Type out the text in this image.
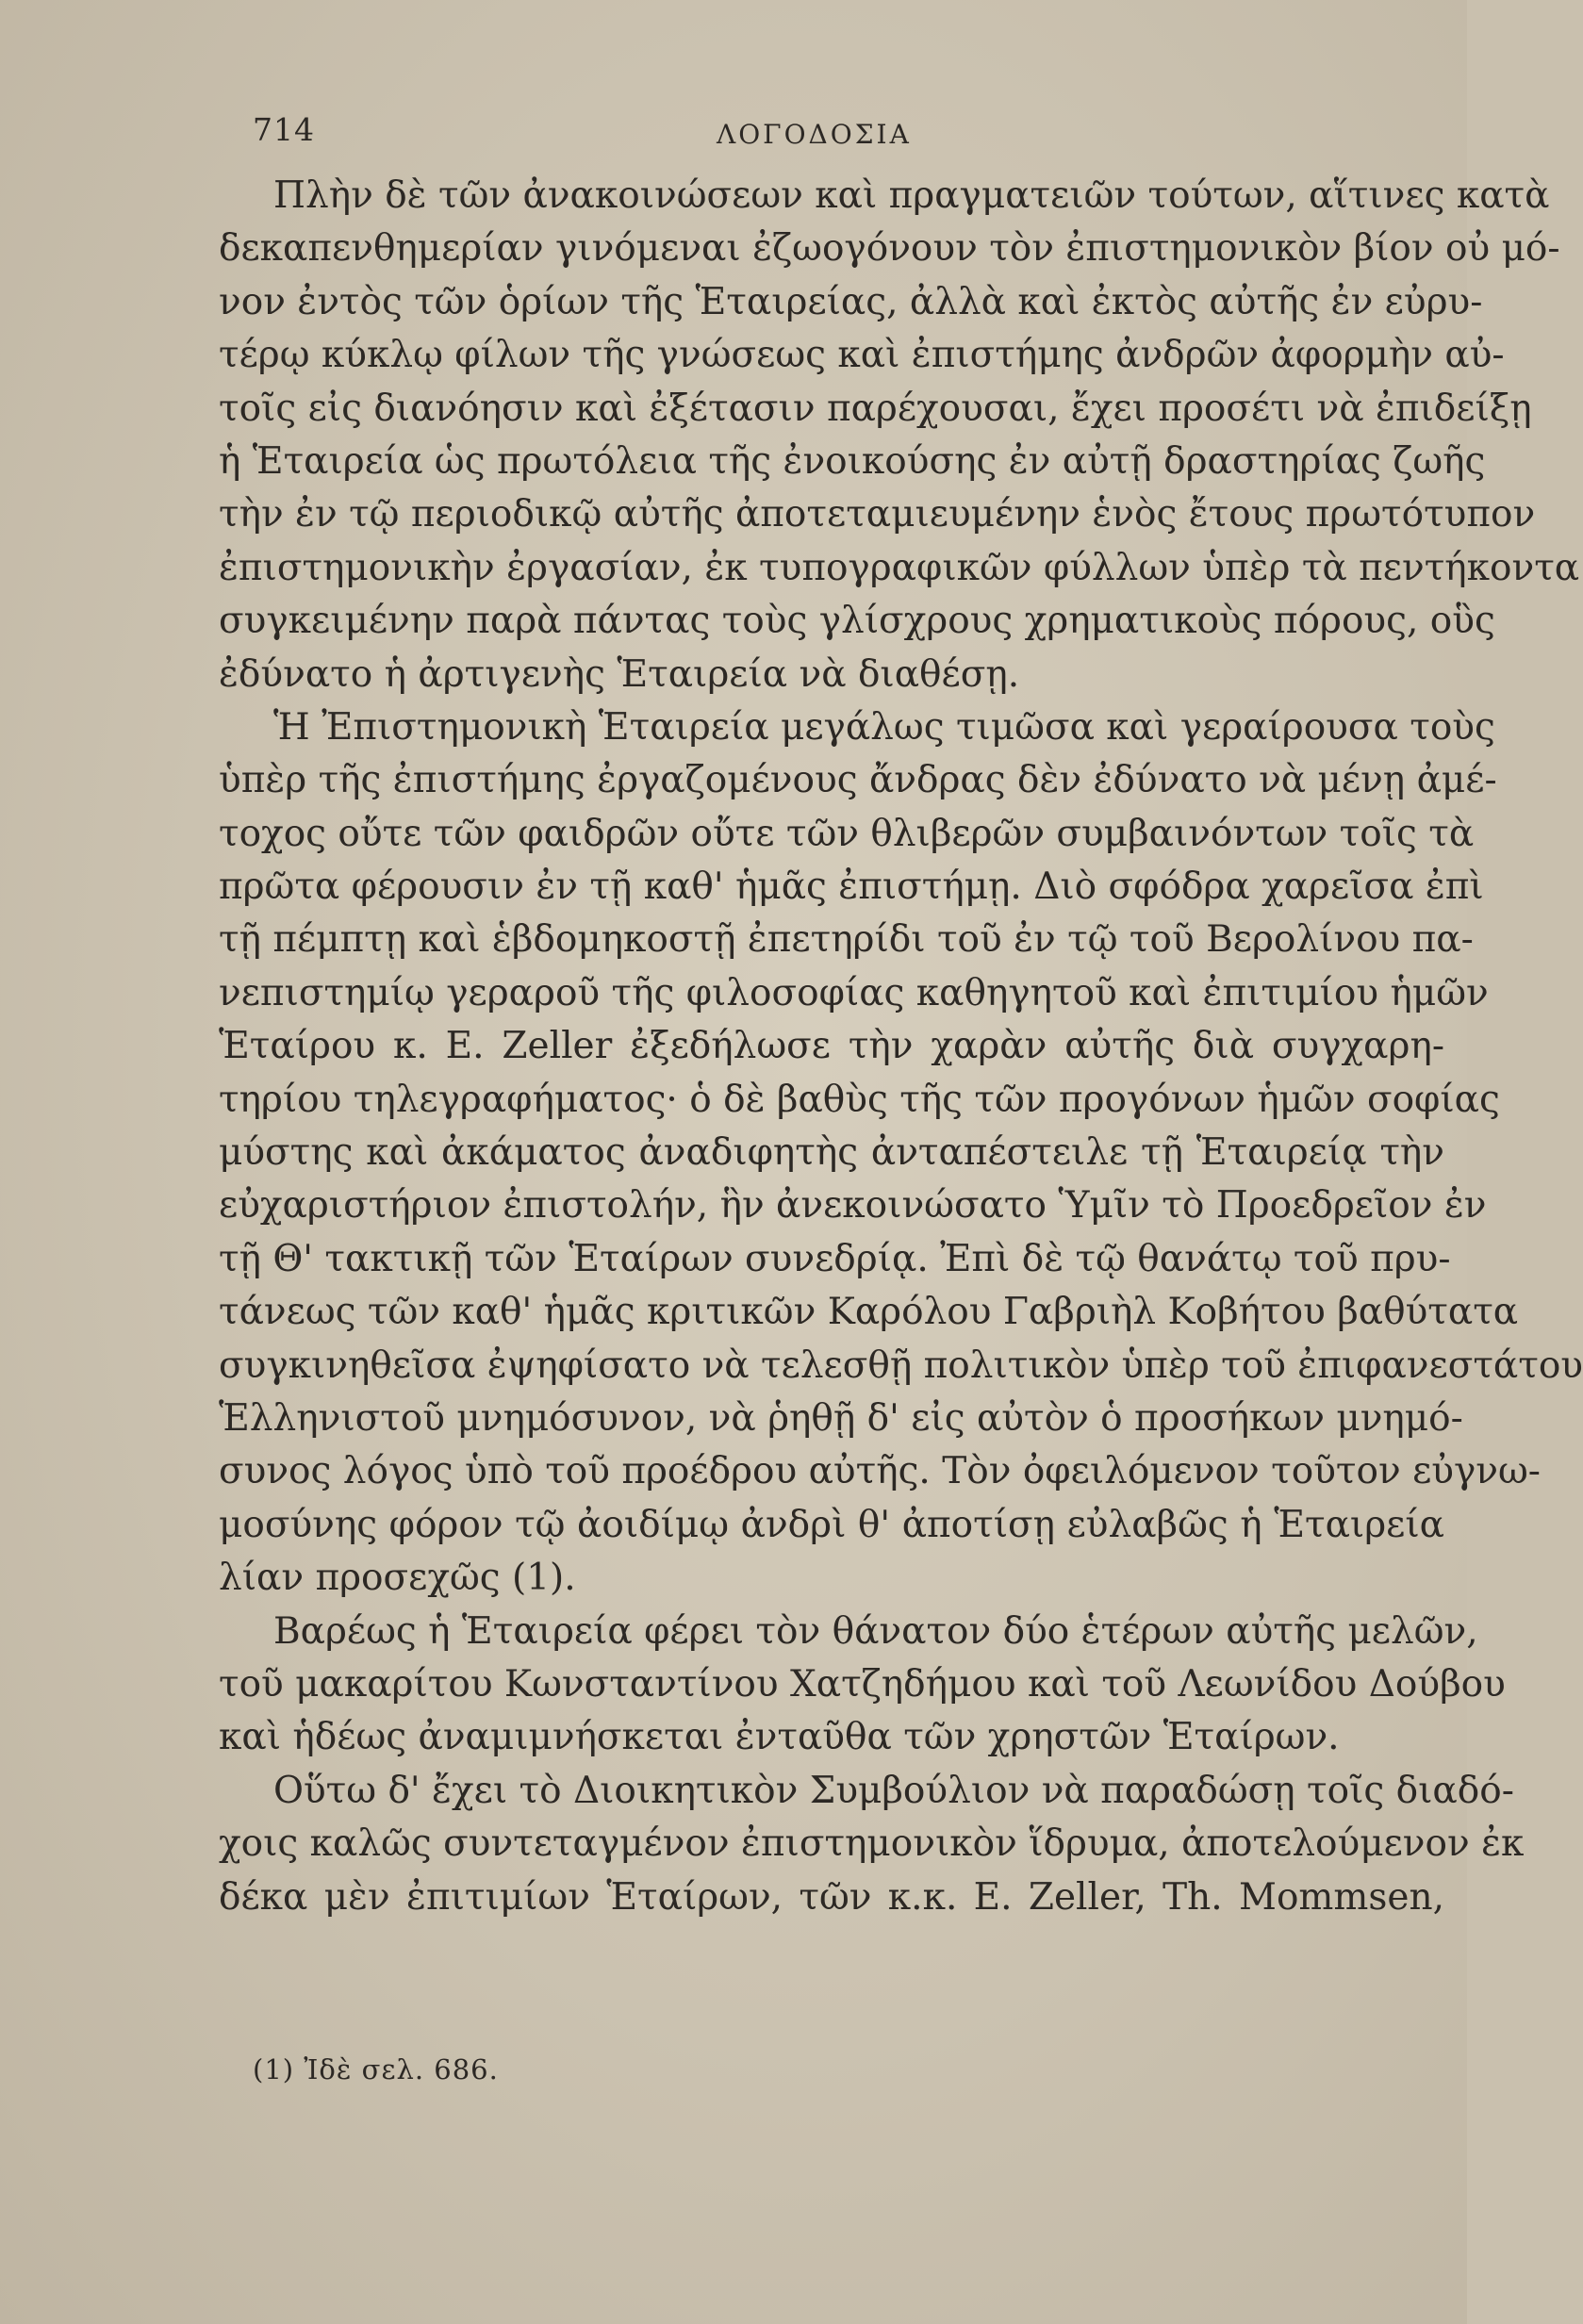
714	ΛΟΓΟΔΟΣΙΑ
Πλὴν δὲ τῶν ἀνακοινώσεων καὶ πραγματειῶν τούτων, αἵτινες κατὰ
δεκαπενθημερίαν γινόμεναι ἐζωογόνουν τὸν ἐπιστημονικὸν βίον οὐ μό-
νον ἐντὸς τῶν ὁρίων τῆς Ἑταιρείας, ἀλλὰ καὶ ἐκτὸς αὐτῆς ἐν εὐρυ-
τέρῳ κύκλῳ φίλων τῆς γνώσεως καὶ ἐπιστήμης ἀνδρῶν ἀφορμὴν αὐ-
τοῖς εἰς διανόησιν καὶ ἐξέτασιν παρέχουσαι, ἔχει προσέτι νὰ ἐπιδείξῃ
ἡ Ἑταιρεία ὡς πρωτόλεια τῆς ἐνοικούσης ἐν αὐτῇ δραστηρίας ζωῆς
τὴν ἐν τῷ περιοδικῷ αὐτῆς ἀποτεταμιευμένην ἑνὸς ἔτους πρωτότυπον
ἐπιστημονικὴν ἐργασίαν, ἐκ τυπογραφικῶν φύλλων ὑπὲρ τὰ πεντήκοντα
συγκειμένην παρὰ πάντας τοὺς γλίσχρους χρηματικοὺς πόρους, οὓς
ἐδύνατο ἡ ἀρτιγενὴς Ἑταιρεία νὰ διαθέσῃ.
Ἡ Ἐπιστημονικὴ Ἑταιρεία μεγάλως τιμῶσα καὶ γεραίρουσα τοὺς
ὑπὲρ τῆς ἐπιστήμης ἐργαζομένους ἄνδρας δὲν ἐδύνατο νὰ μένῃ ἀμέ-
τοχος οὔτε τῶν φαιδρῶν οὔτε τῶν θλιβερῶν συμβαινόντων τοῖς τὰ
πρῶτα φέρουσιν ἐν τῇ καθ' ἡμᾶς ἐπιστήμῃ. Διὸ σφόδρα χαρεῖσα ἐπὶ
τῇ πέμπτῃ καὶ ἑβδομηκοστῇ ἐπετηρίδι τοῦ ἐν τῷ τοῦ Βερολίνου πα-
νεπιστημίῳ γεραροῦ τῆς φιλοσοφίας καθηγητοῦ καὶ ἐπιτιμίου ἡμῶν
Ἑταίρου κ. Ε. Zeller ἐξεδήλωσε τὴν χαρὰν αὐτῆς διὰ συγχαρη-
τηρίου τηλεγραφήματος· ὁ δὲ βαθὺς τῆς τῶν προγόνων ἡμῶν σοφίας
μύστης καὶ ἀκάματος ἀναδιφητὴς ἀνταπέστειλε τῇ Ἑταιρείᾳ τὴν
εὐχαριστήριον ἐπιστολήν, ἣν ἀνεκοινώσατο Ὑμῖν τὸ Προεδρεῖον ἐν
τῇ Θ' τακτικῇ τῶν Ἑταίρων συνεδρίᾳ. Ἐπὶ δὲ τῷ θανάτῳ τοῦ πρυ-
τάνεως τῶν καθ' ἡμᾶς κριτικῶν Καρόλου Γαβριὴλ Κοβήτου βαθύτατα
συγκινηθεῖσα ἐψηφίσατο νὰ τελεσθῇ πολιτικὸν ὑπὲρ τοῦ ἐπιφανεστάτου
Ἑλληνιστοῦ μνημόσυνον, νὰ ῥηθῇ δ' εἰς αὐτὸν ὁ προσήκων μνημό-
συνος λόγος ὑπὸ τοῦ προέδρου αὐτῆς. Τὸν ὀφειλόμενον τοῦτον εὐγνω-
μοσύνης φόρον τῷ ἀοιδίμῳ ἀνδρὶ θ' ἀποτίσῃ εὐλαβῶς ἡ Ἑταιρεία
λίαν προσεχῶς (1).
Βαρέως ἡ Ἑταιρεία φέρει τὸν θάνατον δύο ἑτέρων αὐτῆς μελῶν,
τοῦ μακαρίτου Κωνσταντίνου Χατζηδήμου καὶ τοῦ Λεωνίδου Δούβου
καὶ ἡδέως ἀναμιμνήσκεται ἐνταῦθα τῶν χρηστῶν Ἑταίρων.
Οὕτω δ' ἔχει τὸ Διοικητικὸν Συμβούλιον νὰ παραδώσῃ τοῖς διαδό-
χοις καλῶς συντεταγμένον ἐπιστημονικὸν ἵδρυμα, ἀποτελούμενον ἐκ
δέκα μὲν ἐπιτιμίων Ἑταίρων, τῶν κ.κ. Ε. Zeller, Th. Mommsen,
(1) Ἰδὲ σελ. 686.
